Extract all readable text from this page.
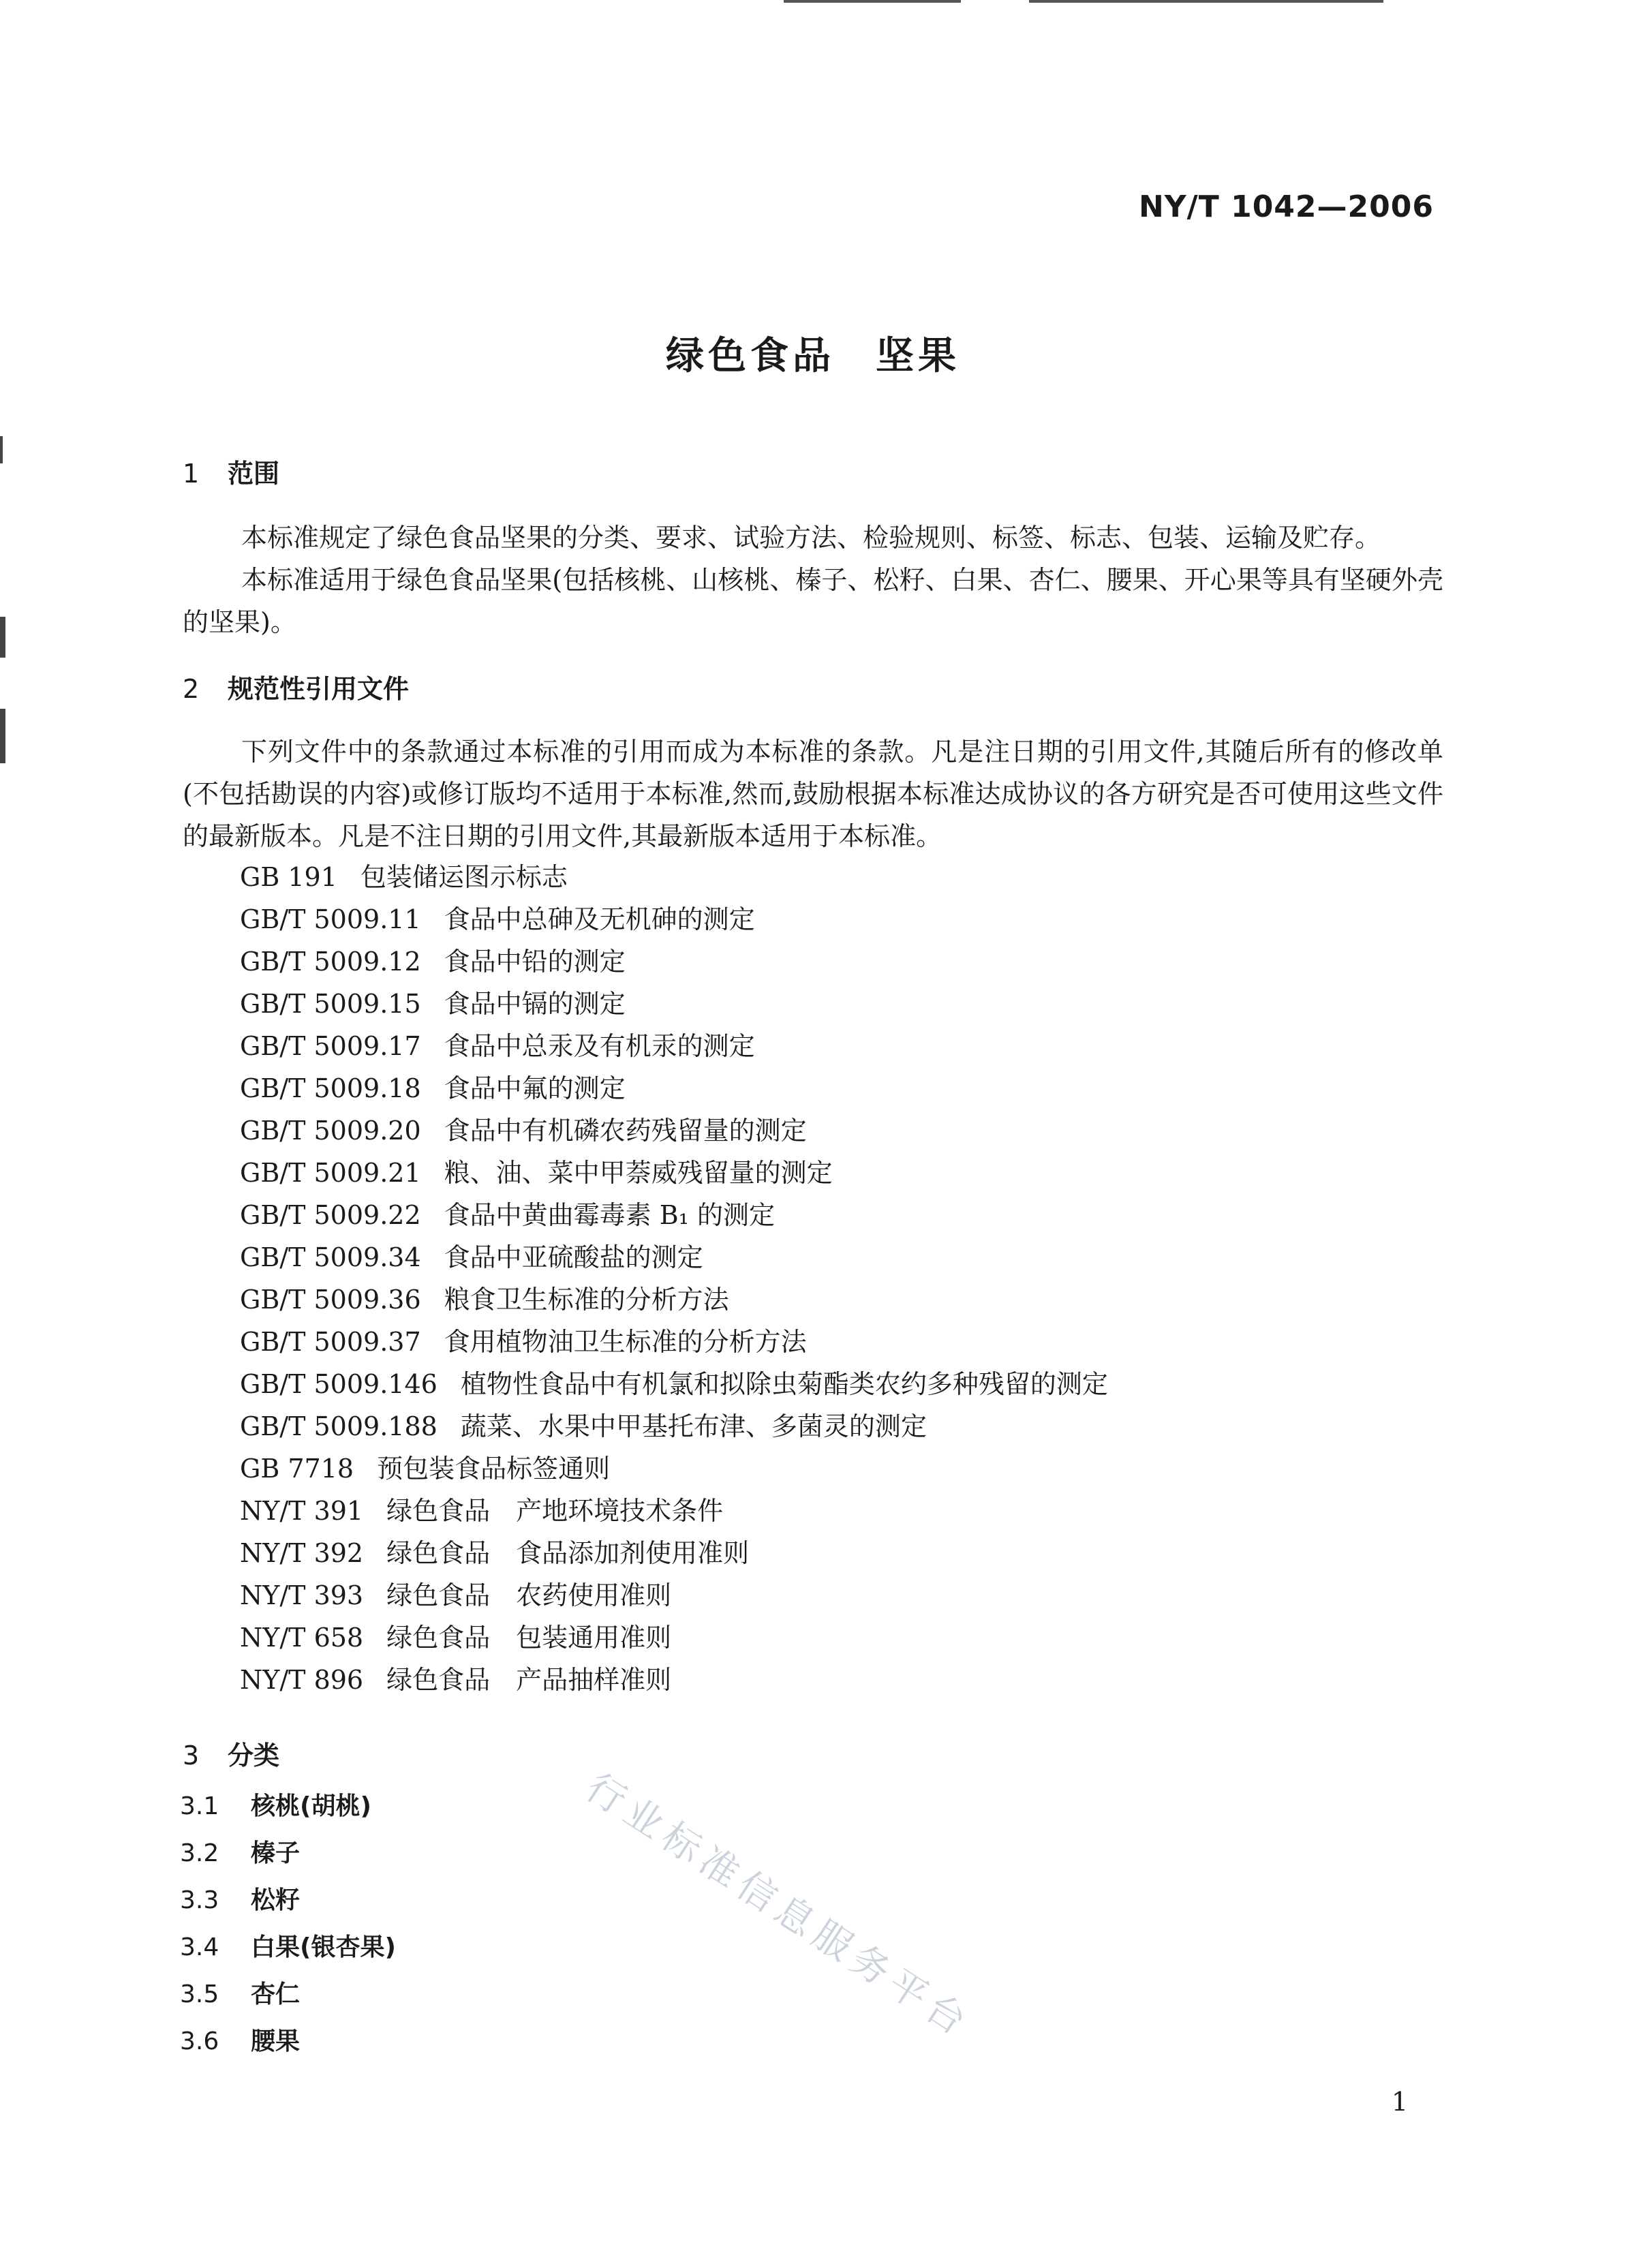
NY/T 1042—2006
绿色食品 坚果
1 范围

本标准规定了绿色食品坚果的分类、要求、试验方法、检验规则、标签、标志、包装、运输及贮存。

本标准适用于绿色食品坚果(包括核桃、山核桃、榛子、松籽、白果、杏仁、腰果、开心果等具有坚硬外壳的坚果)。

2 规范性引用文件

下列文件中的条款通过本标准的引用而成为本标准的条款。凡是注日期的引用文件,其随后所有的修改单(不包括勘误的内容)或修订版均不适用于本标准,然而,鼓励根据本标准达成协议的各方研究是否可使用这些文件的最新版本。凡是不注日期的引用文件,其最新版本适用于本标准。

GB 191 包装储运图示标志
GB/T 5009.11 食品中总砷及无机砷的测定
GB/T 5009.12 食品中铅的测定
GB/T 5009.15 食品中镉的测定
GB/T 5009.17 食品中总汞及有机汞的测定
GB/T 5009.18 食品中氟的测定
GB/T 5009.20 食品中有机磷农药残留量的测定
GB/T 5009.21 粮、油、菜中甲萘威残留量的测定
GB/T 5009.22 食品中黄曲霉毒素 B₁ 的测定
GB/T 5009.34 食品中亚硫酸盐的测定
GB/T 5009.36 粮食卫生标准的分析方法
GB/T 5009.37 食用植物油卫生标准的分析方法
GB/T 5009.146 植物性食品中有机氯和拟除虫菊酯类农约多种残留的测定
GB/T 5009.188 蔬菜、水果中甲基托布津、多菌灵的测定
GB 7718 预包装食品标签通则
NY/T 391 绿色食品　产地环境技术条件
NY/T 392 绿色食品　食品添加剂使用准则
NY/T 393 绿色食品　农药使用准则
NY/T 658 绿色食品　包装通用准则
NY/T 896 绿色食品　产品抽样准则
3 分类
3.1 核桃(胡桃)
3.2 榛子
3.3 松籽
3.4 白果(银杏果)
3.5 杏仁
3.6 腰果	行业标准信息服务平台
1
